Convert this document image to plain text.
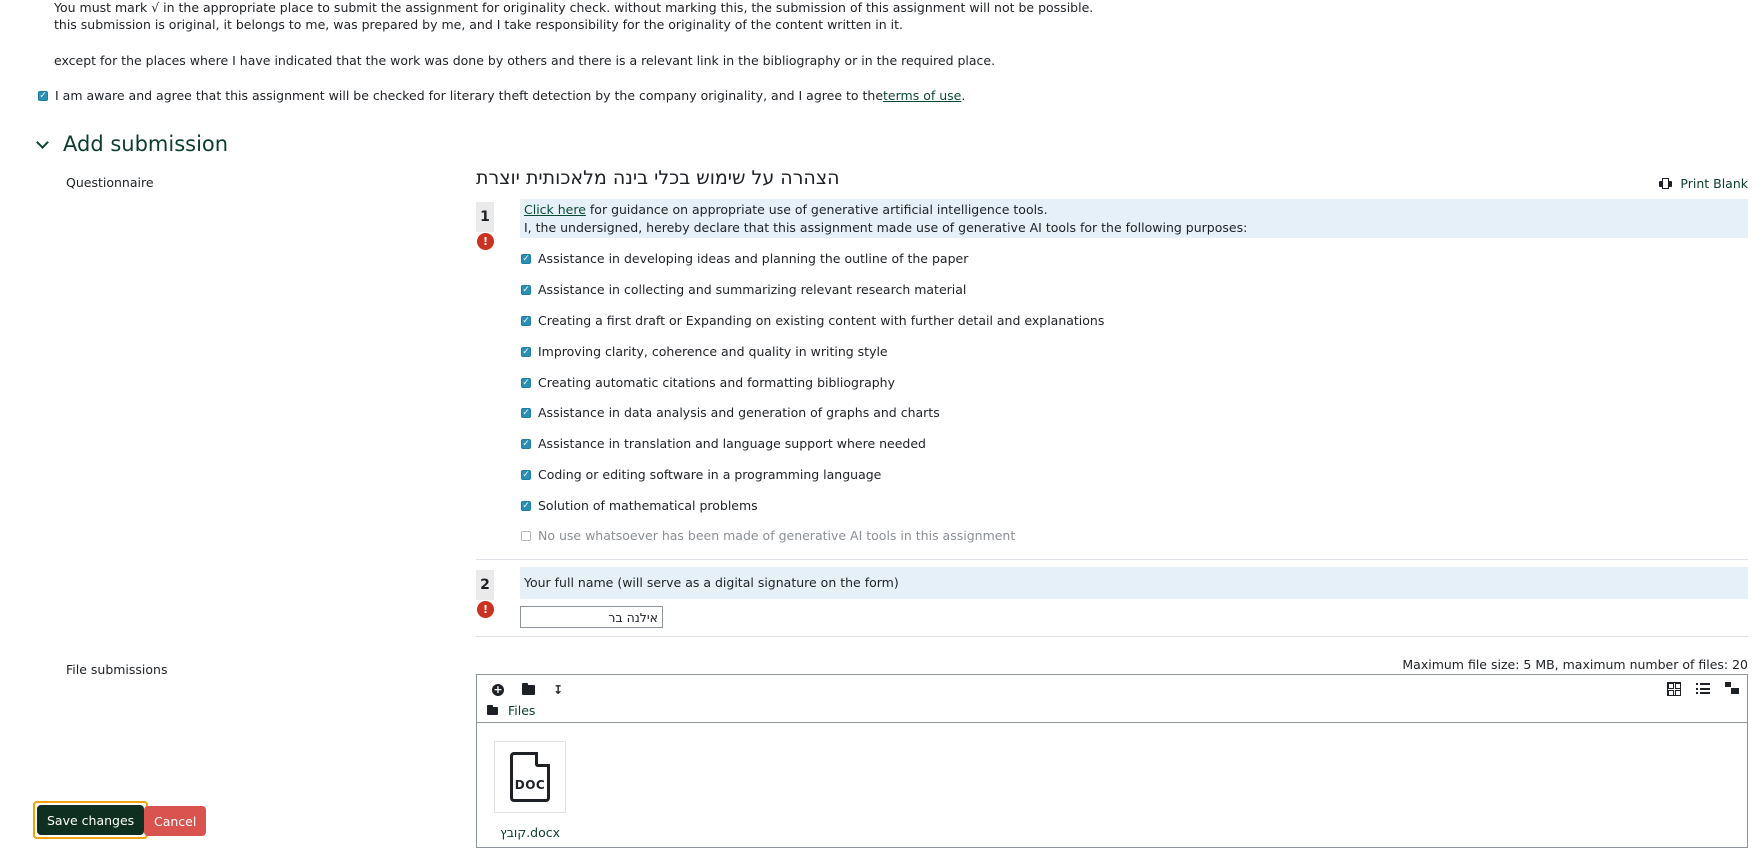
You must mark √ in the appropriate place to submit the assignment for originality check. without marking this, the submission of this assignment will not be possible.
this submission is original, it belongs to me, was prepared by me, and I take responsibility for the originality of the content written in it.
except for the places where I have indicated that the work was done by others and there is a relevant link in the bibliography or in the required place.
✓
I am aware and agree that this assignment will be checked for literary theft detection by the company originality, and I agree to the terms of use .
Add submission
Questionnaire	הצהרה על שימוש בכלי בינה מלאכותית יוצרת	Print Blank
1
!
Click here for guidance on appropriate use of generative artificial intelligence tools.
I, the undersigned, hereby declare that this assignment made use of generative AI tools for the following purposes:
✓
Assistance in developing ideas and planning the outline of the paper
✓
Assistance in collecting and summarizing relevant research material
✓
Creating a first draft or Expanding on existing content with further detail and explanations
✓
Improving clarity, coherence and quality in writing style
✓
Creating automatic citations and formatting bibliography
✓
Assistance in data analysis and generation of graphs and charts
✓
Assistance in translation and language support where needed
✓
Coding or editing software in a programming language
✓
Solution of mathematical problems
No use whatsoever has been made of generative AI tools in this assignment
2
!
Your full name (will serve as a digital signature on the form)
אילנה בר
File submissions	Maximum file size: 5 MB, maximum number of files: 20
+	↧
Files
DOC
קובץ.docx
Save changes	Cancel
